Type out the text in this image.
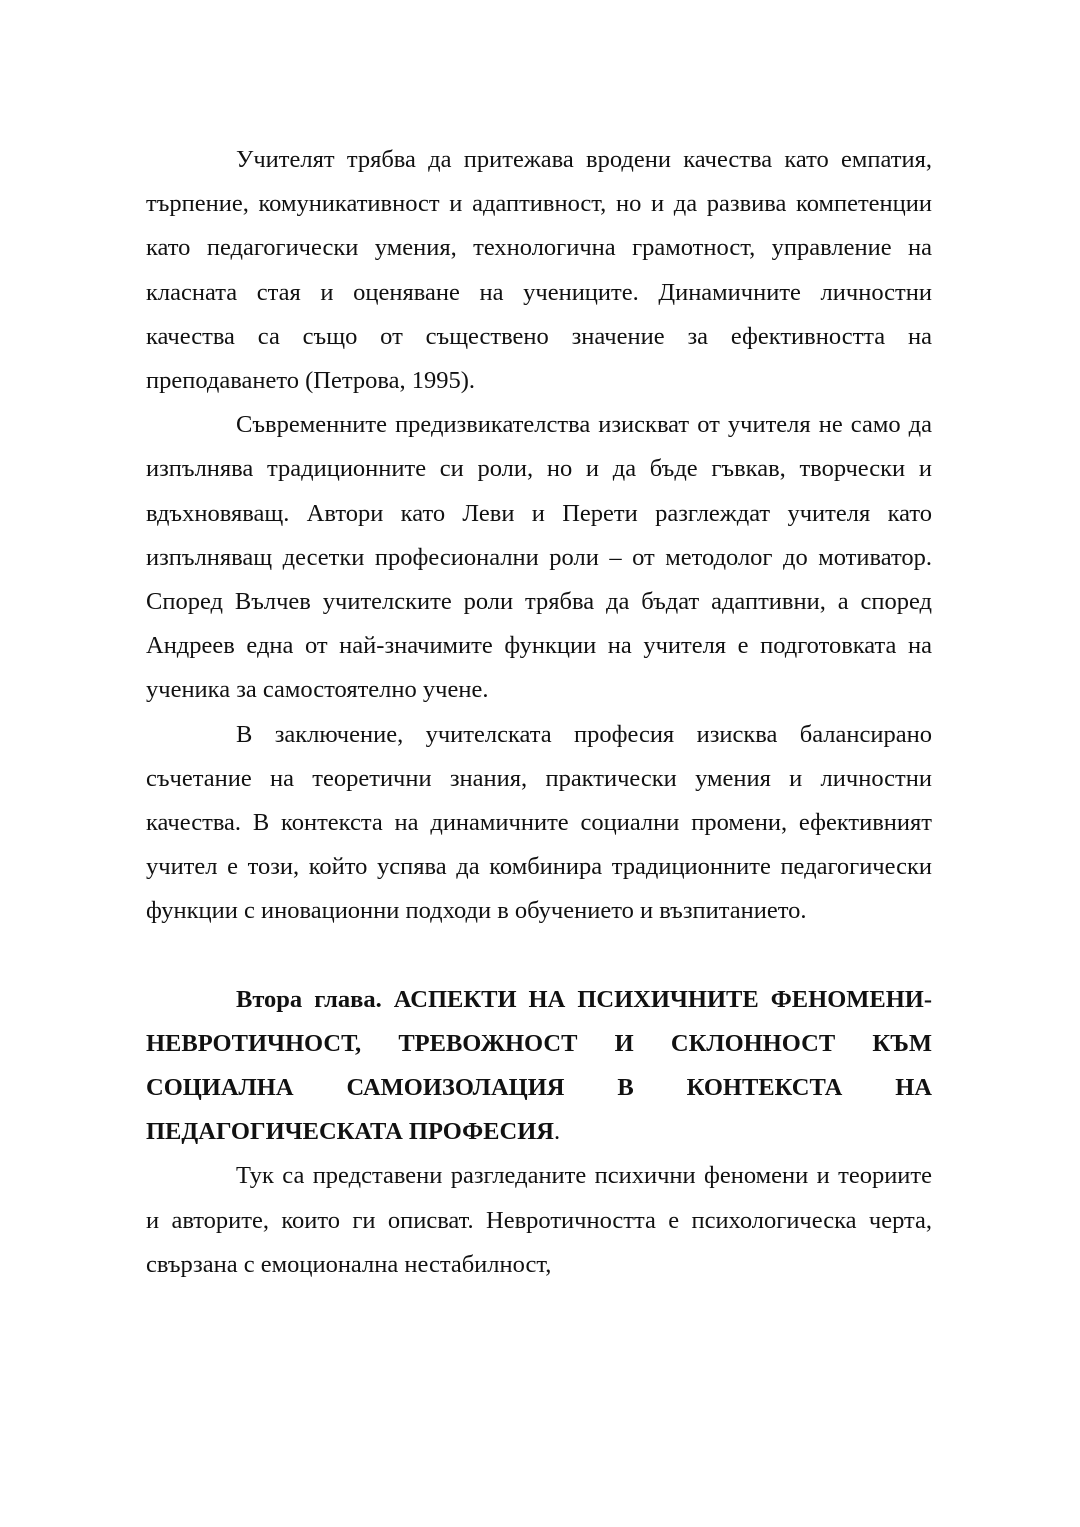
Учителят трябва да притежава вродени качества като емпатия, търпение, комуникативност и адаптивност, но и да развива компетенции като педагогически умения, технологична грамотност, управление на класната стая и оценяване на учениците. Динамичните личностни качества са също от съществено значение за ефективността на преподаването (Петрова, 1995).

Съвременните предизвикателства изискват от учителя не само да изпълнява традиционните си роли, но и да бъде гъвкав, творчески и вдъхновяващ. Автори като Леви и Перети разглеждат учителя като изпълняващ десетки професионални роли – от методолог до мотиватор. Според Вълчев учителските роли трябва да бъдат адаптивни, а според Андреев една от най-значимите функции на учителя е подготовката на ученика за самостоятелно учене.

В заключение, учителската професия изисква балансирано съчетание на теоретични знания, практически умения и личностни качества. В контекста на динамичните социални промени, ефективният учител е този, който успява да комбинира традиционните педагогически функции с иновационни подходи в обучението и възпитанието.

Втора глава. АСПЕКТИ НА ПСИХИЧНИТЕ ФЕНОМЕНИ- НЕВРОТИЧНОСТ, ТРЕВОЖНОСТ И СКЛОННОСТ КЪМ СОЦИАЛНА САМОИЗОЛАЦИЯ В КОНТЕКСТА НА ПЕДАГОГИЧЕСКАТА ПРОФЕСИЯ.

Тук са представени разгледаните психични феномени и теориите и авторите, които ги описват. Невротичността е психологическа черта, свързана с емоционална нестабилност,
